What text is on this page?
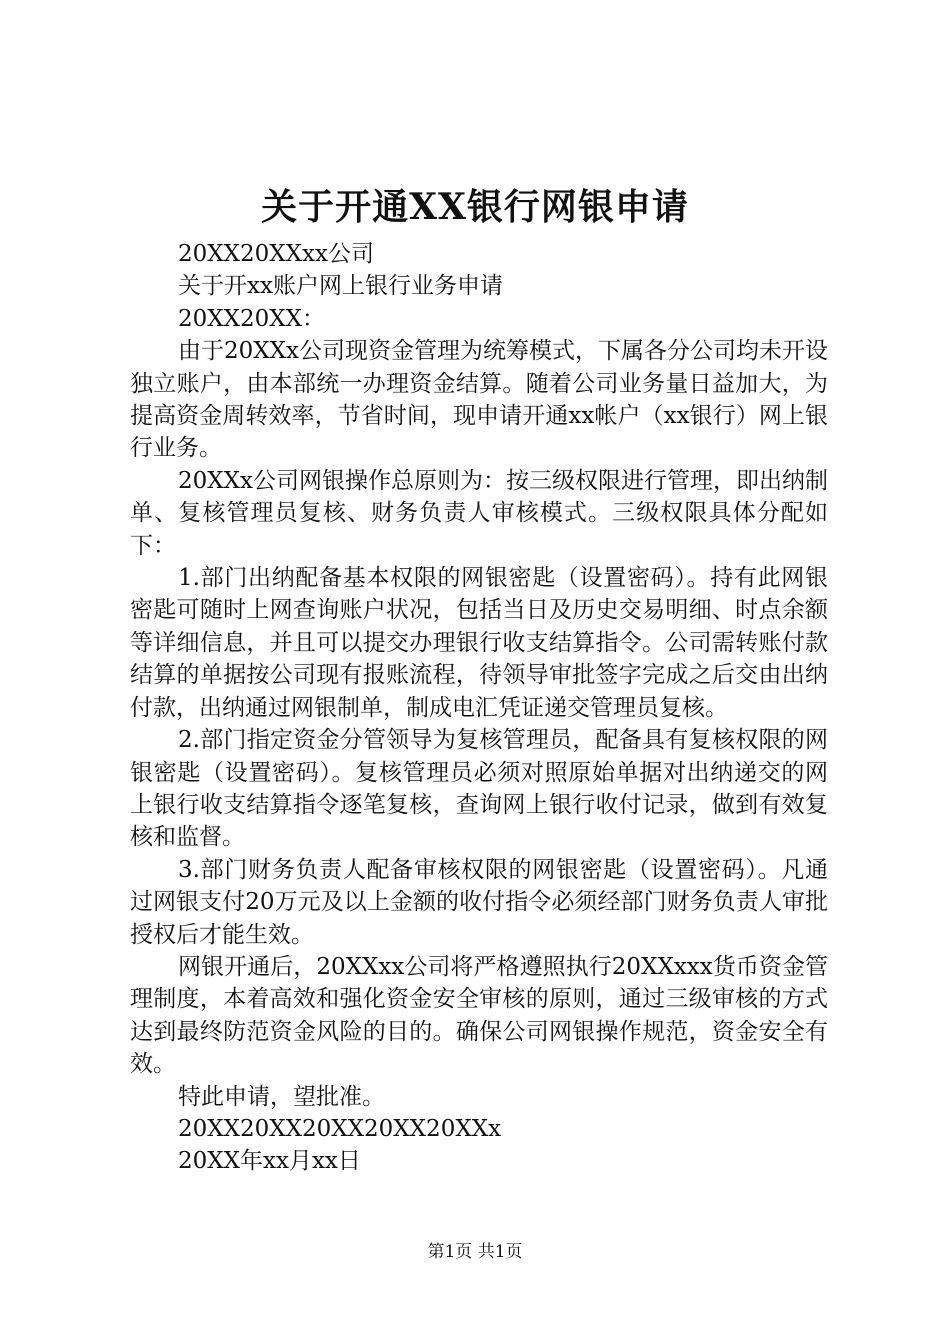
关于开通XX银行网银申请

20XX20XXxx公司

关于开xx账户网上银行业务申请

20XX20XX：

由于20XXx公司现资金管理为统筹模式，下属各分公司均未开设独立账户，由本部统一办理资金结算。随着公司业务量日益加大，为提高资金周转效率，节省时间，现申请开通xx帐户（xx银行）网上银行业务。

20XXx公司网银操作总原则为：按三级权限进行管理，即出纳制单、复核管理员复核、财务负责人审核模式。三级权限具体分配如下：

1.部门出纳配备基本权限的网银密匙（设置密码）。持有此网银密匙可随时上网查询账户状况，包括当日及历史交易明细、时点余额等详细信息，并且可以提交办理银行收支结算指令。公司需转账付款结算的单据按公司现有报账流程，待领导审批签字完成之后交由出纳付款，出纳通过网银制单，制成电汇凭证递交管理员复核。

2.部门指定资金分管领导为复核管理员，配备具有复核权限的网银密匙（设置密码）。复核管理员必须对照原始单据对出纳递交的网上银行收支结算指令逐笔复核，查询网上银行收付记录，做到有效复核和监督。

3.部门财务负责人配备审核权限的网银密匙（设置密码）。凡通过网银支付20万元及以上金额的收付指令必须经部门财务负责人审批授权后才能生效。

网银开通后，20XXxx公司将严格遵照执行20XXxxx货币资金管理制度，本着高效和强化资金安全审核的原则，通过三级审核的方式达到最终防范资金风险的目的。确保公司网银操作规范，资金安全有效。

特此申请，望批准。

20XX20XX20XX20XX20XXx

20XX年xx月xx日

第1页 共1页
